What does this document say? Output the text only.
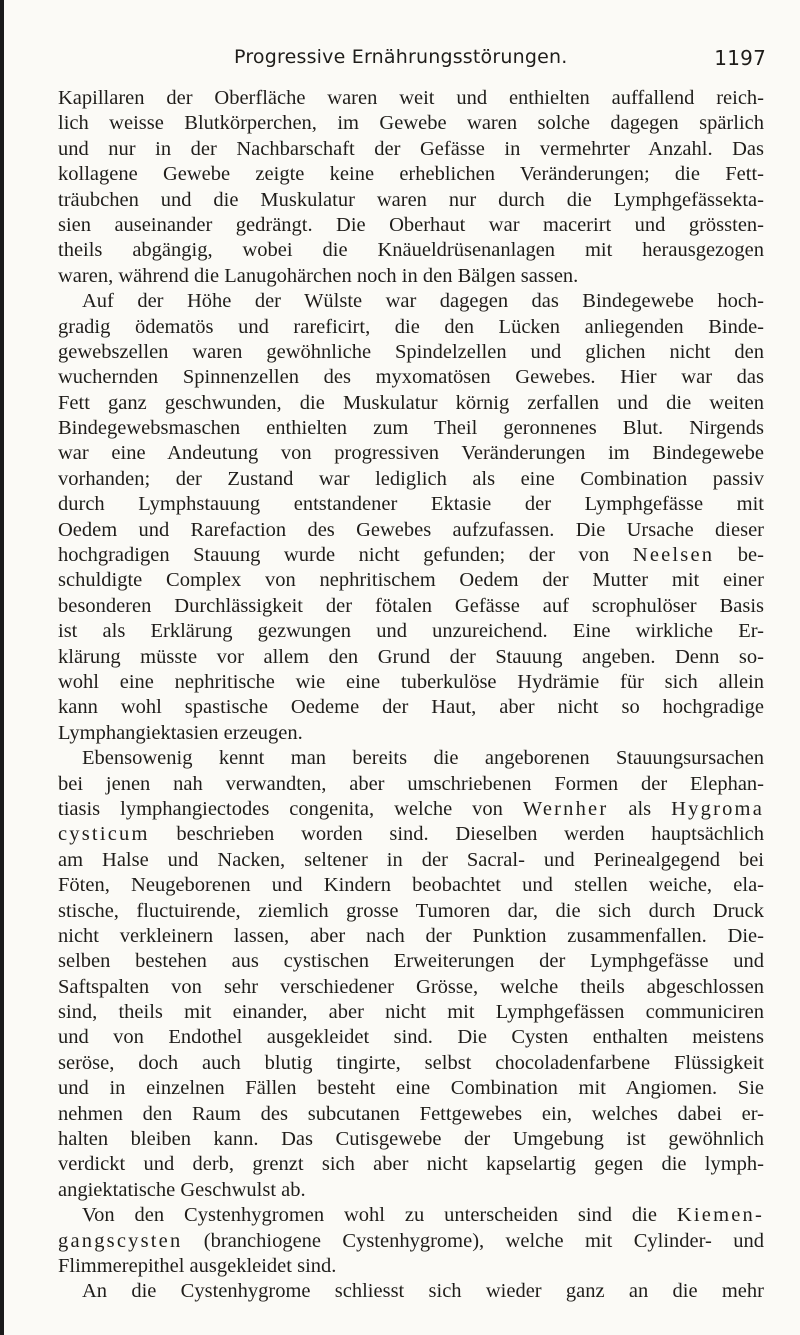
Progressive Ernährungsstörungen.	1197
Kapillaren der Oberfläche waren weit und enthielten auffallend reich-
lich weisse Blutkörperchen, im Gewebe waren solche dagegen spärlich
und nur in der Nachbarschaft der Gefässe in vermehrter Anzahl. Das
kollagene Gewebe zeigte keine erheblichen Veränderungen; die Fett-
träubchen und die Muskulatur waren nur durch die Lymphgefässekta-
sien auseinander gedrängt. Die Oberhaut war macerirt und grössten-
theils abgängig, wobei die Knäueldrüsenanlagen mit herausgezogen
waren, während die Lanugohärchen noch in den Bälgen sassen.
Auf der Höhe der Wülste war dagegen das Bindegewebe hoch-
gradig ödematös und rareficirt, die den Lücken anliegenden Binde-
gewebszellen waren gewöhnliche Spindelzellen und glichen nicht den
wuchernden Spinnenzellen des myxomatösen Gewebes. Hier war das
Fett ganz geschwunden, die Muskulatur körnig zerfallen und die weiten
Bindegewebsmaschen enthielten zum Theil geronnenes Blut. Nirgends
war eine Andeutung von progressiven Veränderungen im Bindegewebe
vorhanden; der Zustand war lediglich als eine Combination passiv
durch Lymphstauung entstandener Ektasie der Lymphgefässe mit
Oedem und Rarefaction des Gewebes aufzufassen. Die Ursache dieser
hochgradigen Stauung wurde nicht gefunden; der von Neelsen be-
schuldigte Complex von nephritischem Oedem der Mutter mit einer
besonderen Durchlässigkeit der fötalen Gefässe auf scrophulöser Basis
ist als Erklärung gezwungen und unzureichend. Eine wirkliche Er-
klärung müsste vor allem den Grund der Stauung angeben. Denn so-
wohl eine nephritische wie eine tuberkulöse Hydrämie für sich allein
kann wohl spastische Oedeme der Haut, aber nicht so hochgradige
Lymphangiektasien erzeugen.
Ebensowenig kennt man bereits die angeborenen Stauungsursachen
bei jenen nah verwandten, aber umschriebenen Formen der Elephan-
tiasis lymphangiectodes congenita, welche von Wernher als Hygroma
cysticum beschrieben worden sind. Dieselben werden hauptsächlich
am Halse und Nacken, seltener in der Sacral- und Perinealgegend bei
Föten, Neugeborenen und Kindern beobachtet und stellen weiche, ela-
stische, fluctuirende, ziemlich grosse Tumoren dar, die sich durch Druck
nicht verkleinern lassen, aber nach der Punktion zusammenfallen. Die-
selben bestehen aus cystischen Erweiterungen der Lymphgefässe und
Saftspalten von sehr verschiedener Grösse, welche theils abgeschlossen
sind, theils mit einander, aber nicht mit Lymphgefässen communiciren
und von Endothel ausgekleidet sind. Die Cysten enthalten meistens
seröse, doch auch blutig tingirte, selbst chocoladenfarbene Flüssigkeit
und in einzelnen Fällen besteht eine Combination mit Angiomen. Sie
nehmen den Raum des subcutanen Fettgewebes ein, welches dabei er-
halten bleiben kann. Das Cutisgewebe der Umgebung ist gewöhnlich
verdickt und derb, grenzt sich aber nicht kapselartig gegen die lymph-
angiektatische Geschwulst ab.
Von den Cystenhygromen wohl zu unterscheiden sind die Kiemen-
gangscysten (branchiogene Cystenhygrome), welche mit Cylinder- und
Flimmerepithel ausgekleidet sind.
An die Cystenhygrome schliesst sich wieder ganz an die mehr
